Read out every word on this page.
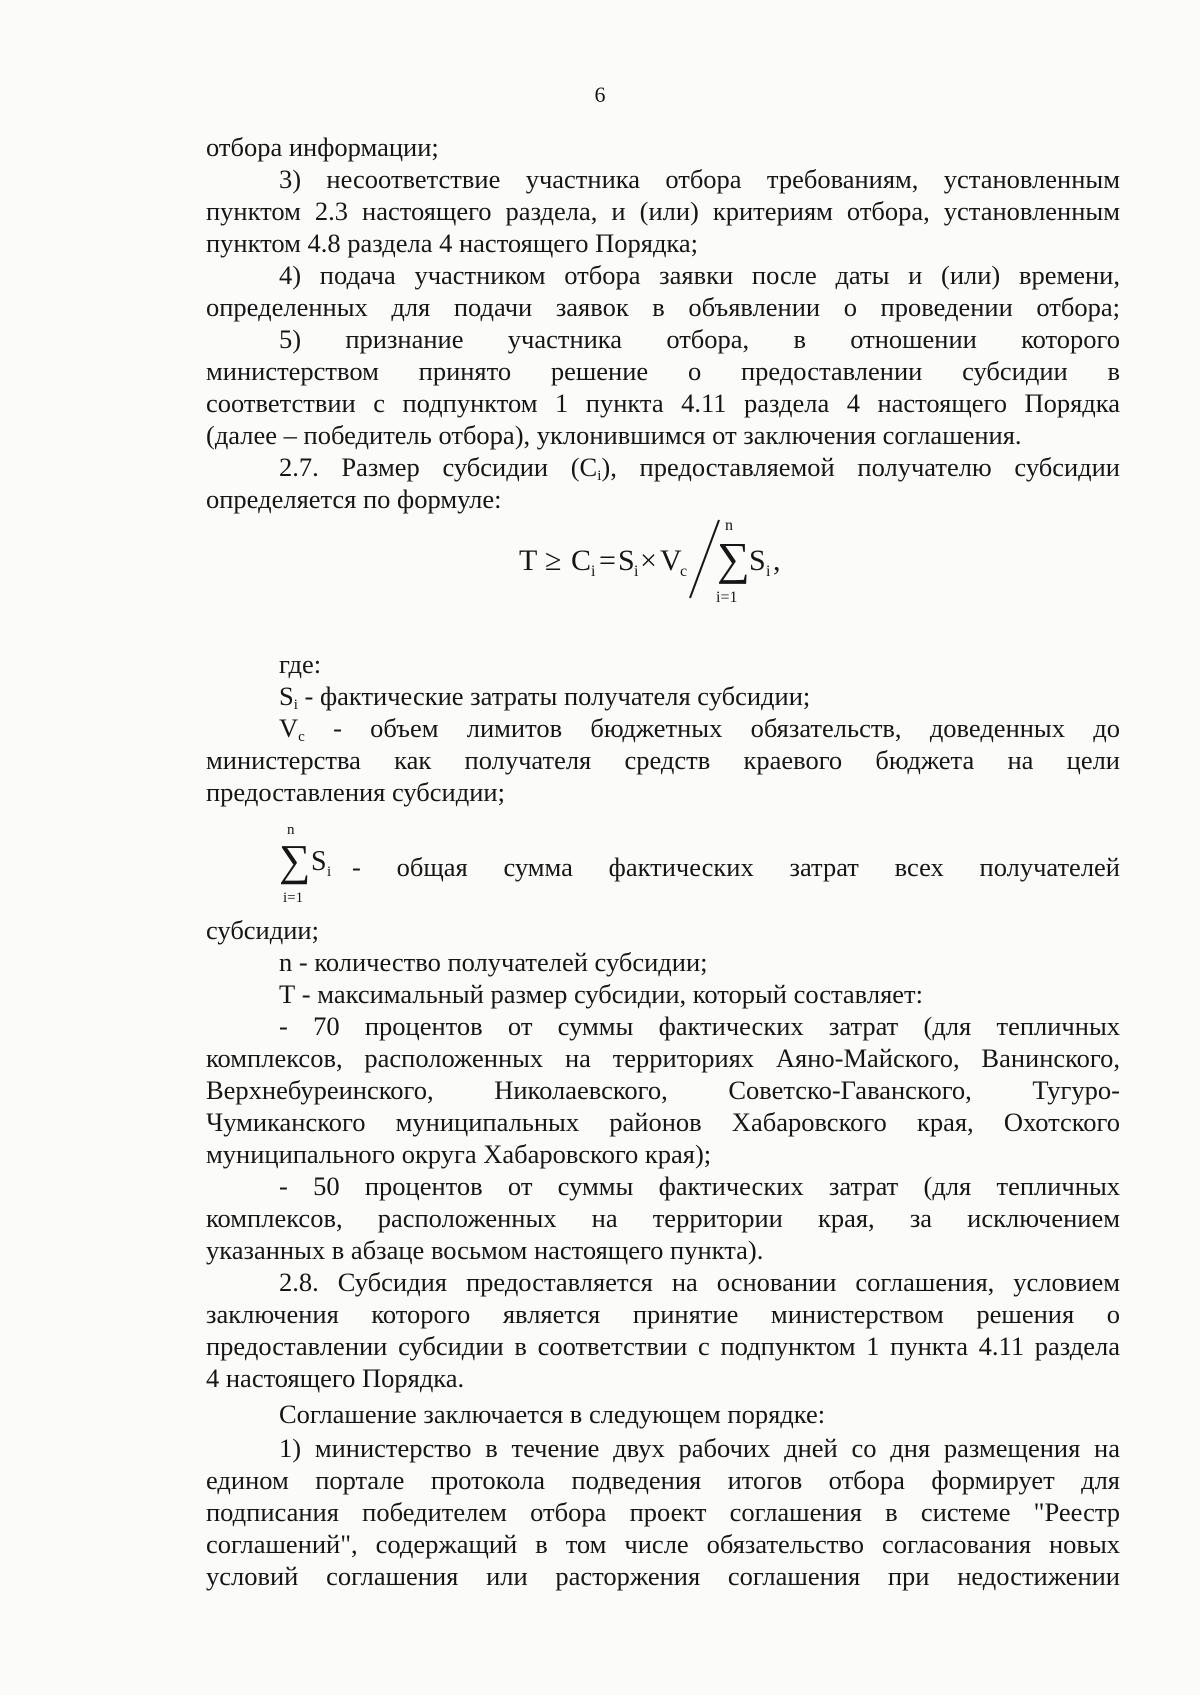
6
отбора информации;
3) несоответствие участника отбора требованиям, установленным
пунктом 2.3 настоящего раздела, и (или) критериям отбора, установленным
пунктом 4.8 раздела 4 настоящего Порядка;
4) подача участником отбора заявки после даты и (или) времени,
определенных для подачи заявок в объявлении о проведении отбора;
5) признание участника отбора, в отношении которого
министерством принято решение о предоставлении субсидии в
соответствии с подпунктом 1 пункта 4.11 раздела 4 настоящего Порядка
(далее – победитель отбора), уклонившимся от заключения соглашения.
2.7. Размер субсидии $(C_i)$, предоставляемой получателю субсидии
определяется по формуле:
T ≥ C i = S i × V
c
n
∑
i=1
S i ,
где:
$S_i$ - фактические затраты получателя субсидии;
$V_c$ - объем лимитов бюджетных обязательств, доведенных до
министерства как получателя средств краевого бюджета на цели
предоставления субсидии;
n
∑ S i
i=1
- общая сумма фактических затрат всех получателей
субсидии;
n - количество получателей субсидии;
Т - максимальный размер субсидии, который составляет:
- 70 процентов от суммы фактических затрат (для тепличных
комплексов, расположенных на территориях Аяно-Майского, Ванинского,
Верхнебуреинского, Николаевского, Советско-Гаванского, Тугуро-
Чумиканского муниципальных районов Хабаровского края, Охотского
муниципального округа Хабаровского края);
- 50 процентов от суммы фактических затрат (для тепличных
комплексов, расположенных на территории края, за исключением
указанных в абзаце восьмом настоящего пункта).
2.8. Субсидия предоставляется на основании соглашения, условием
заключения которого является принятие министерством решения о
предоставлении субсидии в соответствии с подпунктом 1 пункта 4.11 раздела
4 настоящего Порядка.
Соглашение заключается в следующем порядке:
1) министерство в течение двух рабочих дней со дня размещения на
едином портале протокола подведения итогов отбора формирует для
подписания победителем отбора проект соглашения в системе "Реестр
соглашений", содержащий в том числе обязательство согласования новых
условий соглашения или расторжения соглашения при недостижении
